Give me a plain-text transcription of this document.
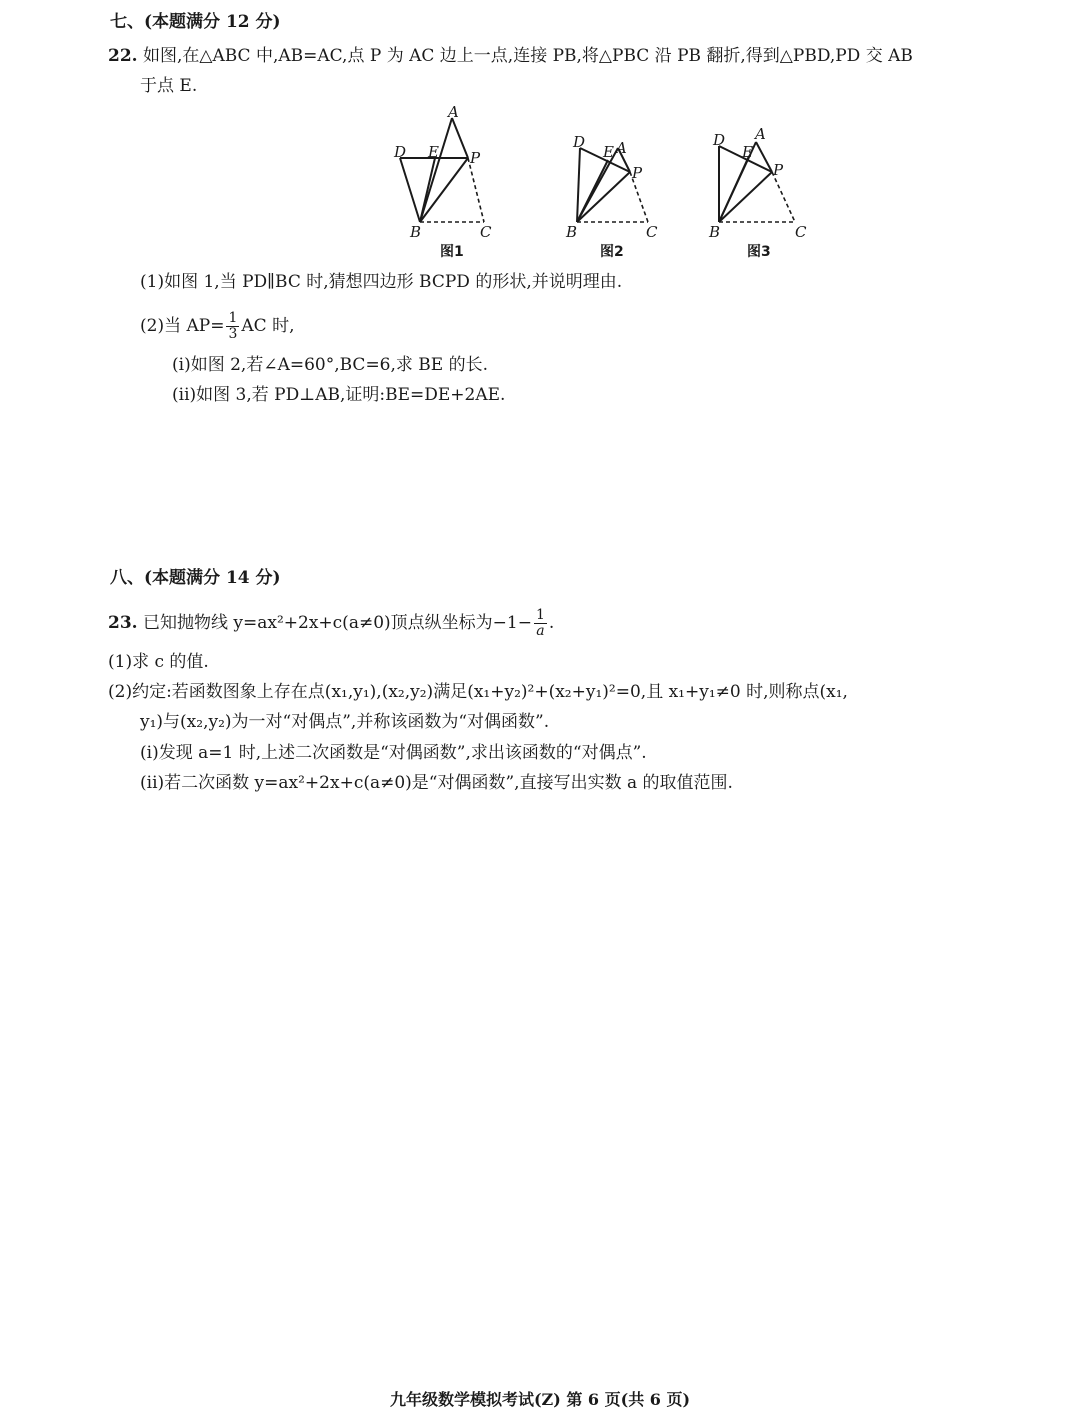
七、(本题满分 12 分)
22. 如图,在△ABC 中,AB=AC,点 P 为 AC 边上一点,连接 PB,将△PBC 沿 PB 翻折,得到△PBD,PD 交 AB
于点 E.
A
D E P
B	C
图1
D
E A
P
B	C
图2
D
E
A
P
B	C
图3
(1)如图 1,当 PD∥BC 时,猜想四边形 BCPD 的形状,并说明理由.
(2)当 $AP= \frac{1}{3}$ AC 时,
(i)如图 2,若∠A=60°,BC=6,求 BE 的长.
(ii)如图 3,若 PD⊥AB,证明:BE=DE+2AE.
八、(本题满分 14 分)
23. 已知抛物线 y=ax²+2x+c(a≠0)顶点纵坐标为$-1- \frac{1}{a}$ .
(1)求 c 的值.
(2)约定:若函数图象上存在点(x₁,y₁),(x₂,y₂)满足(x₁+y₂)²+(x₂+y₁)²=0,且 x₁+y₁≠0 时,则称点(x₁,
y₁)与(x₂,y₂)为一对“对偶点”,并称该函数为“对偶函数”.
(i)发现 a=1 时,上述二次函数是“对偶函数”,求出该函数的“对偶点”.
(ii)若二次函数 y=ax²+2x+c(a≠0)是“对偶函数”,直接写出实数 a 的取值范围.
九年级数学模拟考试(Z) 第 6 页(共 6 页)
